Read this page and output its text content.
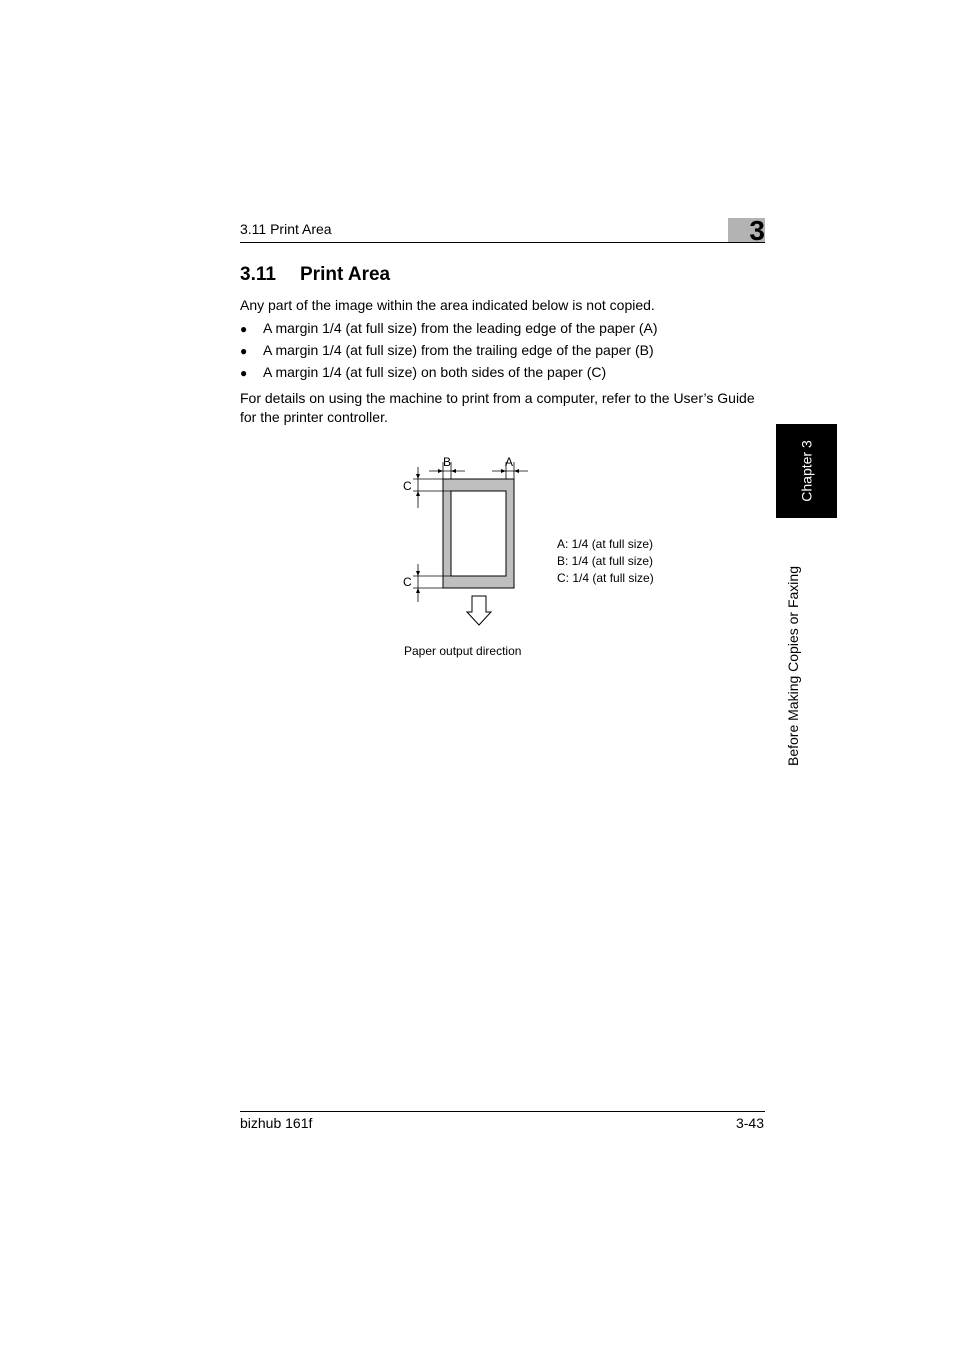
3.11 Print Area	3
3.11 Print Area

Any part of the image within the area indicated below is not copied.

● A margin 1/4 (at full size) from the leading edge of the paper (A)
● A margin 1/4 (at full size) from the trailing edge of the paper (B)
● A margin 1/4 (at full size) on both sides of the paper (C)

For details on using the machine to print from a computer, refer to the User’s Guide for the printer controller.

B	A
C
C
A: 1/4 (at full size)
B: 1/4 (at full size)
C: 1/4 (at full size)
Paper output direction
Chapter 3
Before Making Copies or Faxing
bizhub 161f	3-43
